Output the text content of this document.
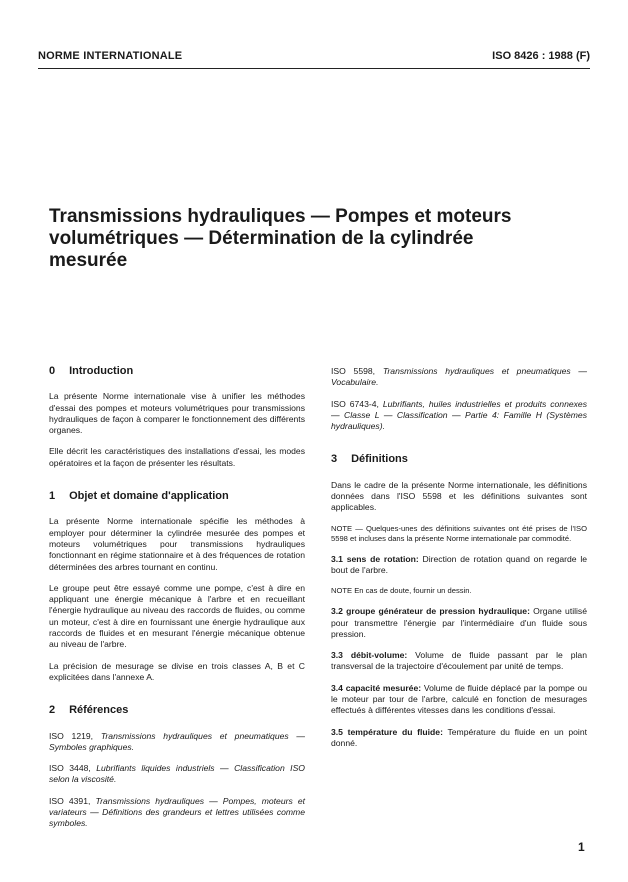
NORME INTERNATIONALE	ISO 8426 : 1988 (F)
Transmissions hydrauliques — Pompes et moteurs
volumétriques — Détermination de la cylindrée
mesurée
0 Introduction

La présente Norme internationale vise à unifier les méthodes d'essai des pompes et moteurs volumétriques pour transmissions hydrauliques de façon à comparer le fonctionnement des différents organes.

Elle décrit les caractéristiques des installations d'essai, les modes opératoires et la façon de présenter les résultats.

1 Objet et domaine d'application

La présente Norme internationale spécifie les méthodes à employer pour déterminer la cylindrée mesurée des pompes et moteurs volumétriques pour transmissions hydrauliques fonctionnant en régime stationnaire et à des fréquences de rotation déterminées des arbres tournant en continu.

Le groupe peut être essayé comme une pompe, c'est à dire en appliquant une énergie mécanique à l'arbre et en recueillant l'énergie hydraulique au niveau des raccords de fluides, ou comme un moteur, c'est à dire en fournissant une énergie hydraulique aux raccords de fluides et en mesurant l'énergie mécanique obtenue au niveau de l'arbre.

La précision de mesurage se divise en trois classes A, B et C explicitées dans l'annexe A.

2 Références

ISO 1219, Transmissions hydrauliques et pneumatiques — Symboles graphiques.

ISO 3448, Lubrifiants liquides industriels — Classification ISO selon la viscosité.

ISO 4391, Transmissions hydrauliques — Pompes, moteurs et variateurs — Définitions des grandeurs et lettres utilisées comme symboles.

ISO 5598, Transmissions hydrauliques et pneumatiques — Vocabulaire.

ISO 6743-4, Lubrifiants, huiles industrielles et produits connexes — Classe L — Classification — Partie 4: Famille H (Systèmes hydrauliques).

3 Définitions

Dans le cadre de la présente Norme internationale, les définitions données dans l'ISO 5598 et les définitions suivantes sont applicables.

NOTE — Quelques-unes des définitions suivantes ont été prises de l'ISO 5598 et incluses dans la présente Norme internationale par commodité.

3.1 sens de rotation: Direction de rotation quand on regarde le bout de l'arbre.

NOTE En cas de doute, fournir un dessin.

3.2 groupe générateur de pression hydraulique: Organe utilisé pour transmettre l'énergie par l'intermédiaire d'un fluide sous pression.

3.3 débit-volume: Volume de fluide passant par le plan transversal de la trajectoire d'écoulement par unité de temps.

3.4 capacité mesurée: Volume de fluide déplacé par la pompe ou le moteur par tour de l'arbre, calculé en fonction de mesurages effectués à différentes vitesses dans les conditions d'essai.

3.5 température du fluide: Température du fluide en un point donné.

1
